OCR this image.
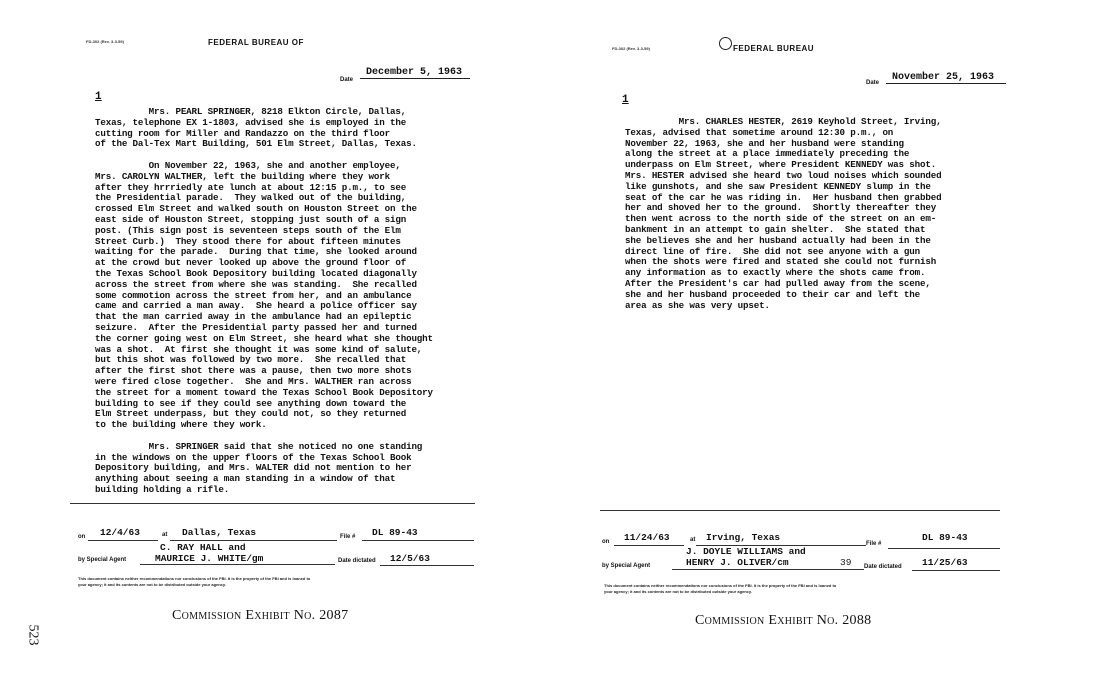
FD-302 (Rev. 3-3-59)	FEDERAL BUREAU OF
Date
December 5, 1963
1
Mrs. PEARL SPRINGER, 8218 Elkton Circle, Dallas,
Texas, telephone EX 1-1803, advised she is employed in the
cutting room for Miller and Randazzo on the third floor
of the Dal-Tex Mart Building, 501 Elm Street, Dallas, Texas.
On November 22, 1963, she and another employee,
Mrs. CAROLYN WALTHER, left the building where they work
after they hrrriedly ate lunch at about 12:15 p.m., to see
the Presidential parade.  They walked out of the building,
crossed Elm Street and walked south on Houston Street on the
east side of Houston Street, stopping just south of a sign
post. (This sign post is seventeen steps south of the Elm
Street Curb.)  They stood there for about fifteen minutes
waiting for the parade.  During that time, she looked around
at the crowd but never looked up above the ground floor of
the Texas School Book Depository building located diagonally
across the street from where she was standing.  She recalled
some commotion across the street from her, and an ambulance
came and carried a man away.  She heard a police officer say
that the man carried away in the ambulance had an epileptic
seizure.  After the Presidential party passed her and turned
the corner going west on Elm Street, she heard what she thought
was a shot.  At first she thought it was some kind of salute,
but this shot was followed by two more.  She recalled that
after the first shot there was a pause, then two more shots
were fired close together.  She and Mrs. WALTHER ran across
the street for a moment toward the Texas School Book Depository
building to see if they could see anything down toward the
Elm Street underpass, but they could not, so they returned
to the building where they work.
Mrs. SPRINGER said that she noticed no one standing
in the windows on the upper floors of the Texas School Book
Depository building, and Mrs. WALTER did not mention to her
anything about seeing a man standing in a window of that
building holding a rifle.
on 12/4/63	at Dallas, Texas	File # DL 89-43
C. RAY HALL and
by Special Agent	MAURICE J. WHITE/gm	Date dictated 12/5/63
This document contains neither recommendations nor conclusions of the FBI. It is the property of the FBI and is loaned to
your agency; it and its contents are not to be distributed outside your agency.
Commission Exhibit No. 2087
FD-302 (Rev. 3-3-59)	FEDERAL BUREAU
Date	November 25, 1963
1
Mrs. CHARLES HESTER, 2619 Keyhold Street, Irving,
Texas, advised that sometime around 12:30 p.m., on
November 22, 1963, she and her husband were standing
along the street at a place immediately preceding the
underpass on Elm Street, where President KENNEDY was shot.
Mrs. HESTER advised she heard two loud noises which sounded
like gunshots, and she saw President KENNEDY slump in the
seat of the car he was riding in.  Her husband then grabbed
her and shoved her to the ground.  Shortly thereafter they
then went across to the north side of the street on an em-
bankment in an attempt to gain shelter.  She stated that
she believes she and her husband actually had been in the
direct line of fire.  She did not see anyone with a gun
when the shots were fired and stated she could not furnish
any information as to exactly where the shots came from.
After the President's car had pulled away from the scene,
she and her husband proceeded to their car and left the
area as she was very upset.
on 11/24/63	at Irving, Texas
File #
DL 89-43
J. DOYLE WILLIAMS and
by Special Agent	HENRY J. OLIVER/cm	39 Date dictated 11/25/63
This document contains neither recommendations nor conclusions of the FBI. It is the property of the FBI and is loaned to
your agency; it and its contents are not to be distributed outside your agency.
Commission Exhibit No. 2088
523
